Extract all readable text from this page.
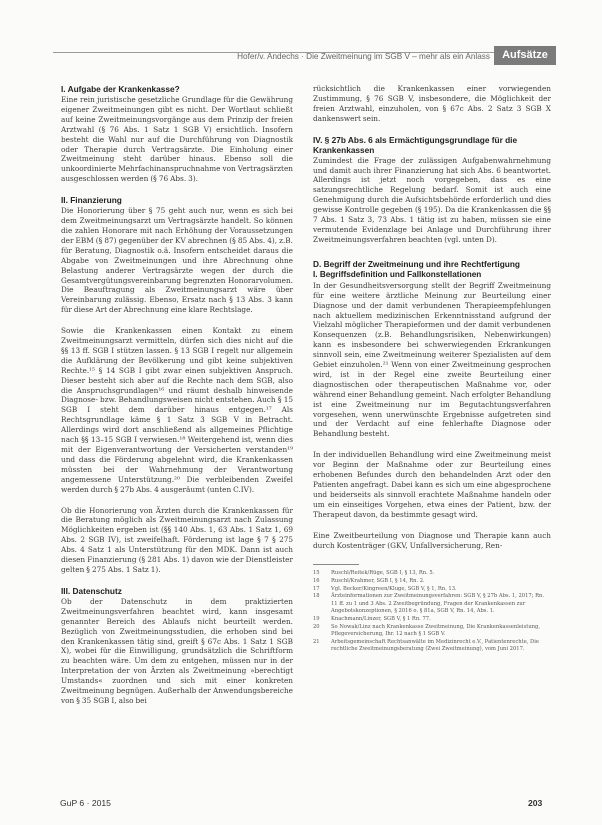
Hofer/v. Andechs · Die Zweitmeinung im SGB V – mehr als ein Anlass	Aufsätze
I. Aufgabe der Krankenkasse?

Eine rein juristische gesetzliche Grundlage für die Gewährung eigener Zweitmeinungen gibt es nicht. Der Wortlaut schließt auf keine Zweitmeinungsvorgänge aus dem Prinzip der freien Arztwahl (§ 76 Abs. 1 Satz 1 SGB V) ersichtlich. Insofern besteht die Wahl nur auf die Durchführung von Diagnostik oder Therapie durch Vertragsärzte. Die Einholung einer Zweitmeinung steht darüber hinaus. Ebenso soll die unkoordinierte Mehrfachinanspruchnahme von Vertragsärzten ausgeschlossen werden (§ 76 Abs. 3).

II. Finanzierung

Die Honorierung über § 75 geht auch nur, wenn es sich bei dem Zweitmeinungsarzt um Vertragsärzte handelt. So können die zahlen Honorare mit nach Erhöhung der Voraussetzungen der EBM (§ 87) gegenüber der KV abrechnen (§ 85 Abs. 4), z.B. für Beratung, Diagnostik o.ä. Insofern entscheidet daraus die Abgabe von Zweitmeinungen und ihre Abrechnung ohne Belastung anderer Vertragsärzte wegen der durch die Gesamtvergütungsvereinbarung begrenzten Honorarvolumen. Die Beauftragung als Zweitmeinungsarzt wäre über Vereinbarung zulässig. Ebenso, Ersatz nach § 13 Abs. 3 kann für diese Art der Abrechnung eine klare Rechtslage.

Sowie die Krankenkassen einen Kontakt zu einem Zweitmeinungsarzt vermitteln, dürfen sich dies nicht auf die §§ 13 ff. SGB I stützen lassen. § 13 SGB I regelt nur allgemein die Aufklärung der Bevölkerung und gibt keine subjektiven Rechte.¹⁵ § 14 SGB I gibt zwar einen subjektiven Anspruch. Dieser besteht sich aber auf die Rechte nach dem SGB, also die Anspruchsgrundlagen¹⁶ und räumt deshalb hinweisende Diagnose- bzw. Behandlungsweisen nicht entstehen. Auch § 15 SGB I steht dem darüber hinaus entgegen.¹⁷ Als Rechtsgrundlage käme § 1 Satz 3 SGB V in Betracht. Allerdings wird dort anschließend als allgemeines Pflichtige nach §§ 13–15 SGB I verwiesen.¹⁸ Weitergehend ist, wenn dies mit der Eigenverantwortung der Versicherten verstanden¹⁹ und dass die Förderung abgelehnt wird, die Krankenkassen müssten bei der Wahrnehmung der Verantwortung angemessene Unterstützung.²⁰ Die verbleibenden Zweifel werden durch § 27b Abs. 4 ausgeräumt (unten C.IV).

Ob die Honorierung von Ärzten durch die Krankenkassen für die Beratung möglich als Zweitmeinungsarzt nach Zulassung Möglichkeiten ergeben ist (§§ 140 Abs. 1, 63 Abs. 1 Satz 1, 69 Abs. 2 SGB IV), ist zweifelhaft. Förderung ist lage § 7 § 275 Abs. 4 Satz 1 als Unterstützung für den MDK. Dann ist auch diesen Finanzierung (§ 281 Abs. 1) davon wie der Dienstleister gelten § 275 Abs. 1 Satz 1).

III. Datenschutz

Ob der Datenschutz in dem praktizierten Zweitmeinungsverfahren beachtet wird, kann insgesamt genannter Bereich des Ablaufs nicht beurteilt werden. Bezüglich von Zweitmeinungsstudien, die erhoben sind bei den Krankenkassen tätig sind, greift § 67c Abs. 1 Satz 1 SGB X), wobei für die Einwilligung, grundsätzlich die Schriftform zu beachten wäre. Um dem zu entgehen, müssen nur in der Interpretation der von Ärzten als Zweitmeinung »berechtigt Umstands« zuordnen und sich mit einer konkreten Zweitmeinung begnügen. Außerhalb der Anwendungsbereiche von § 35 SGB I, also bei

rücksichtlich die Krankenkassen einer vorwiegenden Zustimmung, § 76 SGB V, insbesondere, die Möglichkeit der freien Arztwahl, einzuholen, von § 67c Abs. 2 Satz 3 SGB X dankenswert sein.

IV. § 27b Abs. 6 als Ermächtigungsgrundlage für die Krankenkassen

Zumindest die Frage der zulässigen Aufgabenwahrnehmung und damit auch ihrer Finanzierung hat sich Abs. 6 beantwortet. Allerdings ist jetzt noch vorgegeben, dass es eine satzungsrechtliche Regelung bedarf. Somit ist auch eine Genehmigung durch die Aufsichtsbehörde erforderlich und dies gewisse Kontrolle gegeben (§ 195). Da die Krankenkassen die §§ 7 Abs. 1 Satz 3, 73 Abs. 1 tätig ist zu haben, müssen sie eine vermutende Evidenzlage bei Anlage und Durchführung ihrer Zweitmeinungsverfahren beachten (vgl. unten D).

D. Begriff der Zweitmeinung und ihre Rechtfertigung
I. Begriffsdefinition und Fallkonstellationen

In der Gesundheitsversorgung stellt der Begriff Zweitmeinung für eine weitere ärztliche Meinung zur Beurteilung einer Diagnose und der damit verbundenen Therapieempfehlungen nach aktuellem medizinischen Erkenntnisstand aufgrund der Vielzahl möglicher Therapieformen und der damit verbundenen Konsequenzen (z.B. Behandlungsrisiken, Nebenwirkungen) kann es insbesondere bei schwerwiegenden Erkrankungen sinnvoll sein, eine Zweitmeinung weiterer Spezialisten auf dem Gebiet einzuholen.²¹ Wenn von einer Zweitmeinung gesprochen wird, ist in der Regel eine zweite Beurteilung einer diagnostischen oder therapeutischen Maßnahme vor, oder während einer Behandlung gemeint. Nach erfolgter Behandlung ist eine Zweitmeinung nur im Begutachtungsverfahren vorgesehen, wenn unerwünschte Ergebnisse aufgetreten sind und der Verdacht auf eine fehlerhafte Diagnose oder Behandlung besteht.

In der individuellen Behandlung wird eine Zweitmeinung meist vor Beginn der Maßnahme oder zur Beurteilung eines erhobenen Befundes durch den behandelnden Arzt oder den Patienten angefragt. Dabei kann es sich um eine abgesprochene und beiderseits als sinnvoll erachtete Maßnahme handeln oder um ein einseitiges Vorgehen, etwa eines der Patient, bzw. der Therapeut davon, da bestimmte gesagt wird.

Eine Zweitbeurteilung von Diagnose und Therapie kann auch durch Kostenträger (GKV, Unfallversicherung, Ren-

15	Ruschl/Reitek/Rüge, SGB I, § 13, Rn. 5.
16	Ruschl/Krahmer, SGB I, § 14, Rn. 2.
17	Vgl. Becker/Kingreen/Kluge, SGB V, § 1, Rn. 13.
18	Ärzteinformationen zur Zweitmeinungsverfahren: SGB V, § 27b Abs. 1, 2017; Rn. 11 ff. zu 1 und 3 Abs. 2 Zweitbegründung, Fragen der Krankenkassen zur Angebotskonzeptionen, § 2016 o. § 81a, SGB V, Rn. 14, Abs. 1.
19	Knachmann/Linzer, SGB V, § 1 Rn. 77.
20	So Nowak/Linz nach Krankenkasse Zweitmeinung, Die Krankenkassenleistung, Pflegeversicherung, Ihr. 12 nach § 1 SGB V.
21	Arbeitsgemeinschaft Rechtsanwälte im Medizinrecht e.V., Patientenrechte, Die rechtliche Zweitmeinungsberatung (Zwei Zweitmeinung), vom Juni 2017.
GuP 6 · 2015	203
